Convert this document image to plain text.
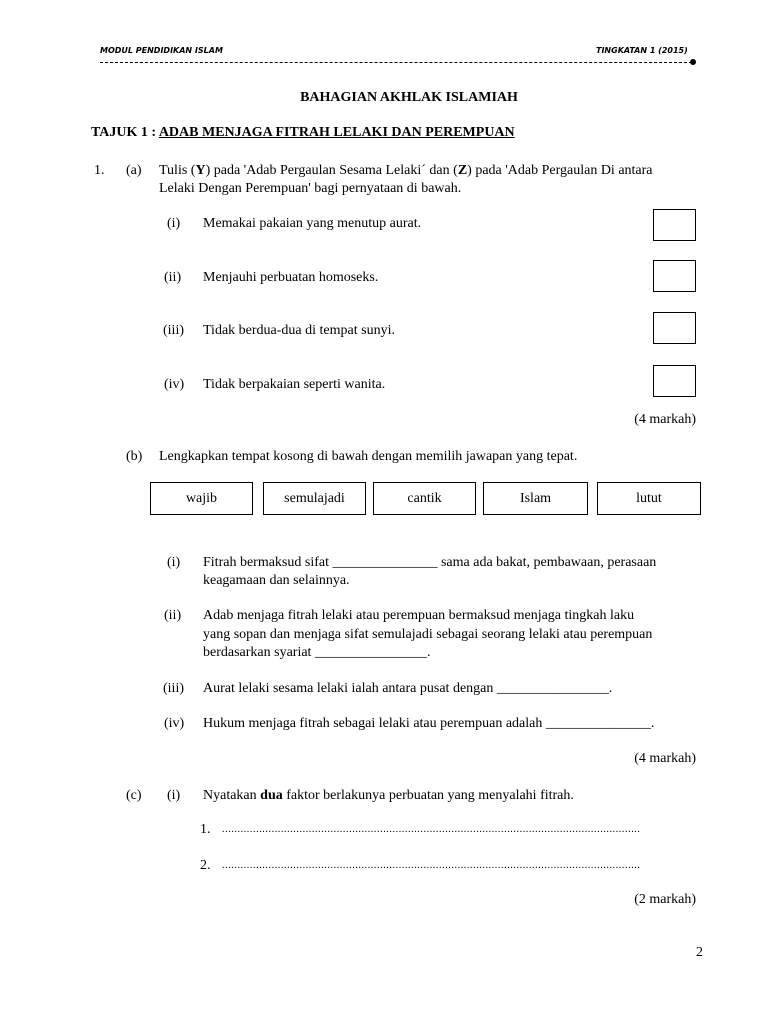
MODUL PENDIDIKAN ISLAM	TINGKATAN 1 (2015)
BAHAGIAN AKHLAK ISLAMIAH
TAJUK 1 : ADAB MENJAGA FITRAH LELAKI DAN PEREMPUAN
1. (a) Tulis (Y) pada 'Adab Pergaulan Sesama Lelaki´ dan (Z) pada 'Adab Pergaulan Di antara
Lelaki Dengan Perempuan' bagi pernyataan di bawah.
(i) Memakai pakaian yang menutup aurat.
(ii) Menjauhi perbuatan homoseks.
(iii) Tidak berdua-dua di tempat sunyi.
(iv) Tidak berpakaian seperti wanita.
(4 markah)
(b) Lengkapkan tempat kosong di bawah dengan memilih jawapan yang tepat.
wajib	semulajadi	cantik	Islam	lutut
(i) Fitrah bermaksud sifat _______________ sama ada bakat, pembawaan, perasaan
keagamaan dan selainnya.
(ii) Adab menjaga fitrah lelaki atau perempuan bermaksud menjaga tingkah laku
yang sopan dan menjaga sifat semulajadi sebagai seorang lelaki atau perempuan
berdasarkan syariat ________________.
(iii) Aurat lelaki sesama lelaki ialah antara pusat dengan ________________.
(iv) Hukum menjaga fitrah sebagai lelaki atau perempuan adalah _______________.
(4 markah)
(c) (i) Nyatakan dua faktor berlakunya perbuatan yang menyalahi fitrah.
1. .......................................................................................................................................
2. .......................................................................................................................................
(2 markah)
2
